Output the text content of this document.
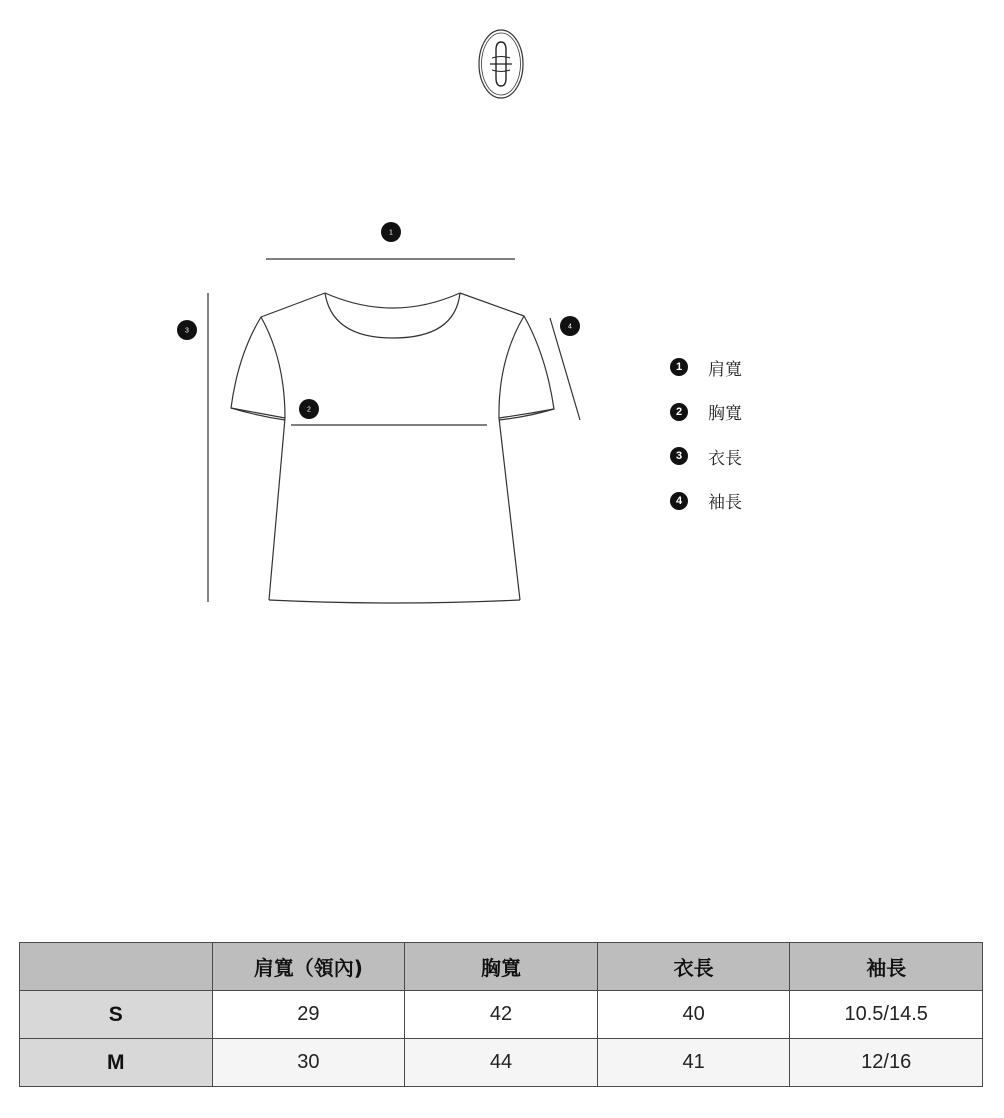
1
2
3
4
1	肩寬
2	胸寬
3	衣長
4	袖長
	肩寬（領內)	胸寬	衣長	袖長
S	29	42	40	10.5/14.5
M	30	44	41	12/16
